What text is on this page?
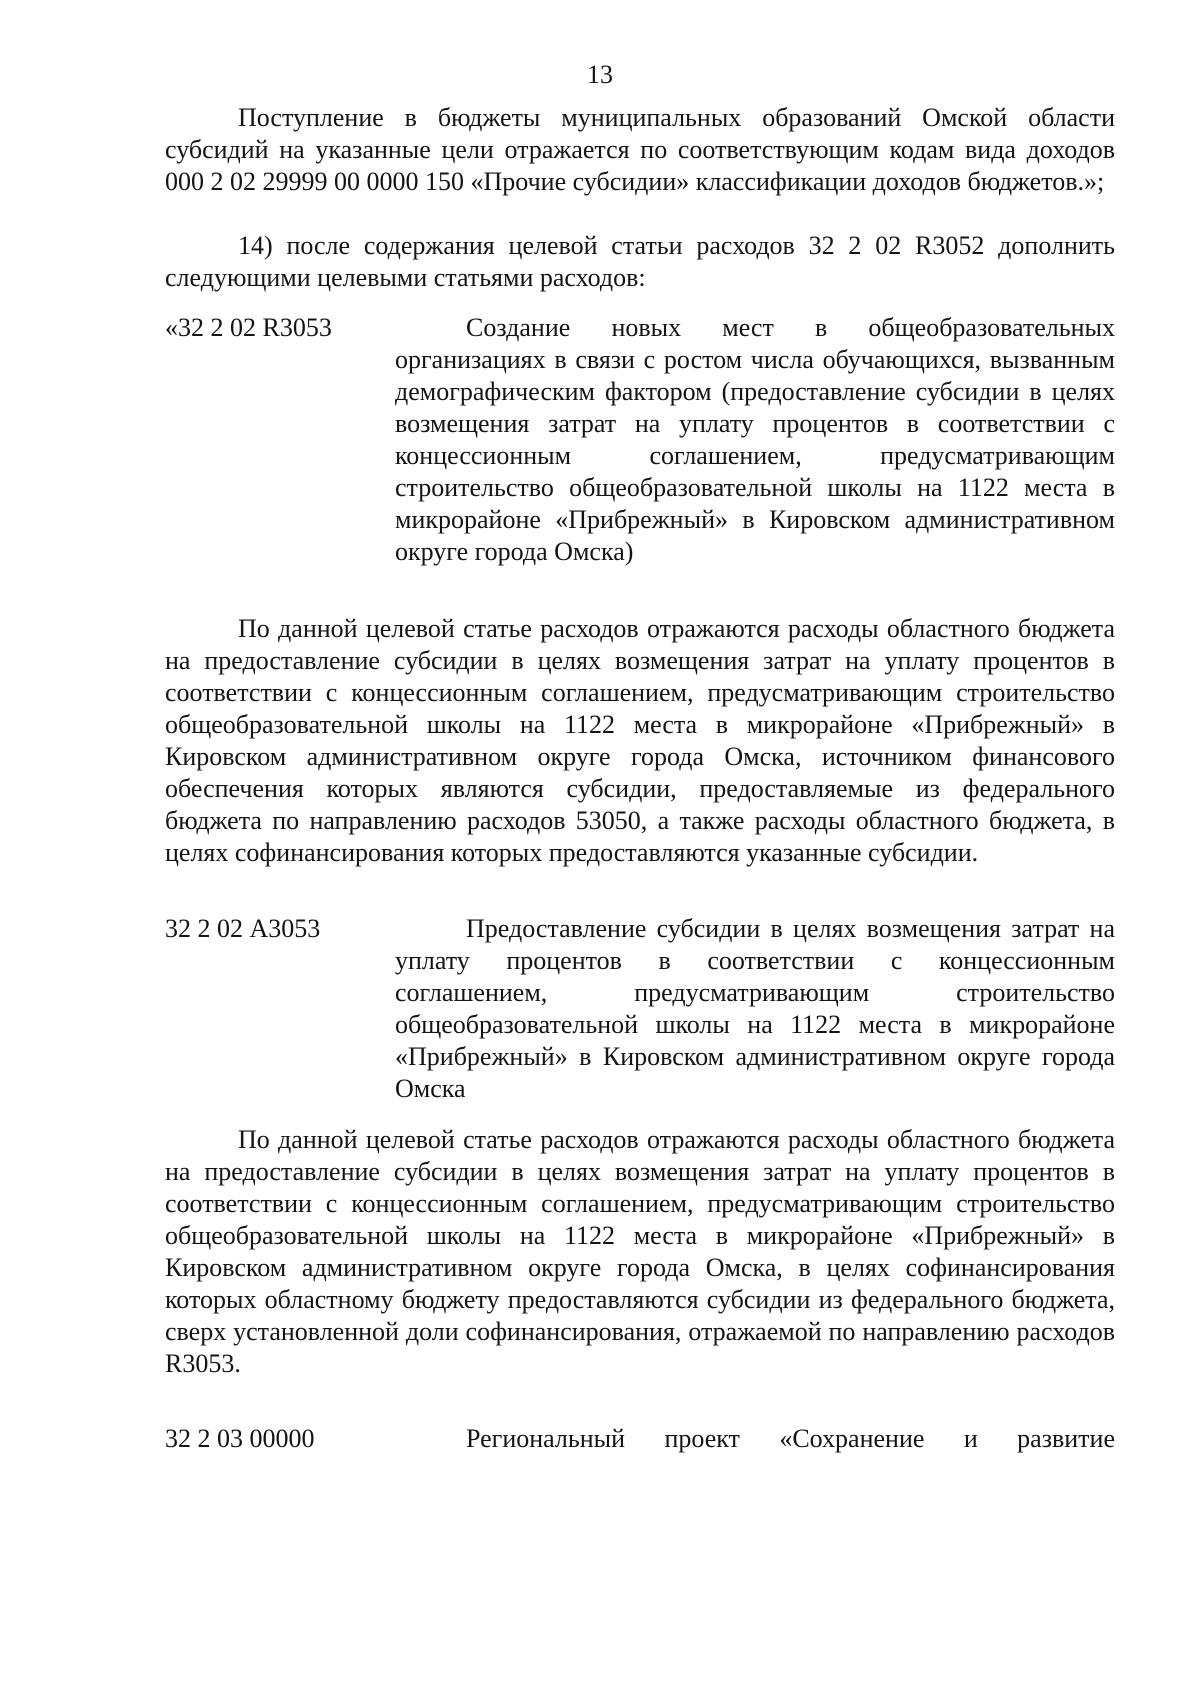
13

Поступление в бюджеты муниципальных образований Омской области субсидий на указанные цели отражается по соответствующим кодам вида доходов 000 2 02 29999 00 0000 150 «Прочие субсидии» классификации доходов бюджетов.»;

14) после содержания целевой статьи расходов 32 2 02 R3052 дополнить следующими целевыми статьями расходов:

«32 2 02 R3053	Создание новых мест в общеобразовательных организациях в связи с ростом числа обучающихся, вызванным демографическим фактором (предоставление субсидии в целях возмещения затрат на уплату процентов в соответствии с концессионным соглашением, предусматривающим строительство общеобразовательной школы на 1122 места в микрорайоне «Прибрежный» в Кировском административном округе города Омска)

По данной целевой статье расходов отражаются расходы областного бюджета на предоставление субсидии в целях возмещения затрат на уплату процентов в соответствии с концессионным соглашением, предусматривающим строительство общеобразовательной школы на 1122 места в микрорайоне «Прибрежный» в Кировском административном округе города Омска, источником финансового обеспечения которых являются субсидии, предоставляемые из федерального бюджета по направлению расходов 53050, а также расходы областного бюджета, в целях софинансирования которых предоставляются указанные субсидии.

32 2 02 А3053	Предоставление субсидии в целях возмещения затрат на уплату процентов в соответствии с концессионным соглашением, предусматривающим строительство общеобразовательной школы на 1122 места в микрорайоне «Прибрежный» в Кировском административном округе города Омска

По данной целевой статье расходов отражаются расходы областного бюджета на предоставление субсидии в целях возмещения затрат на уплату процентов в соответствии с концессионным соглашением, предусматривающим строительство общеобразовательной школы на 1122 места в микрорайоне «Прибрежный» в Кировском административном округе города Омска, в целях софинансирования которых областному бюджету предоставляются субсидии из федерального бюджета, сверх установленной доли софинансирования, отражаемой по направлению расходов R3053.

32 2 03 00000	Региональный проект «Сохранение и развитие
